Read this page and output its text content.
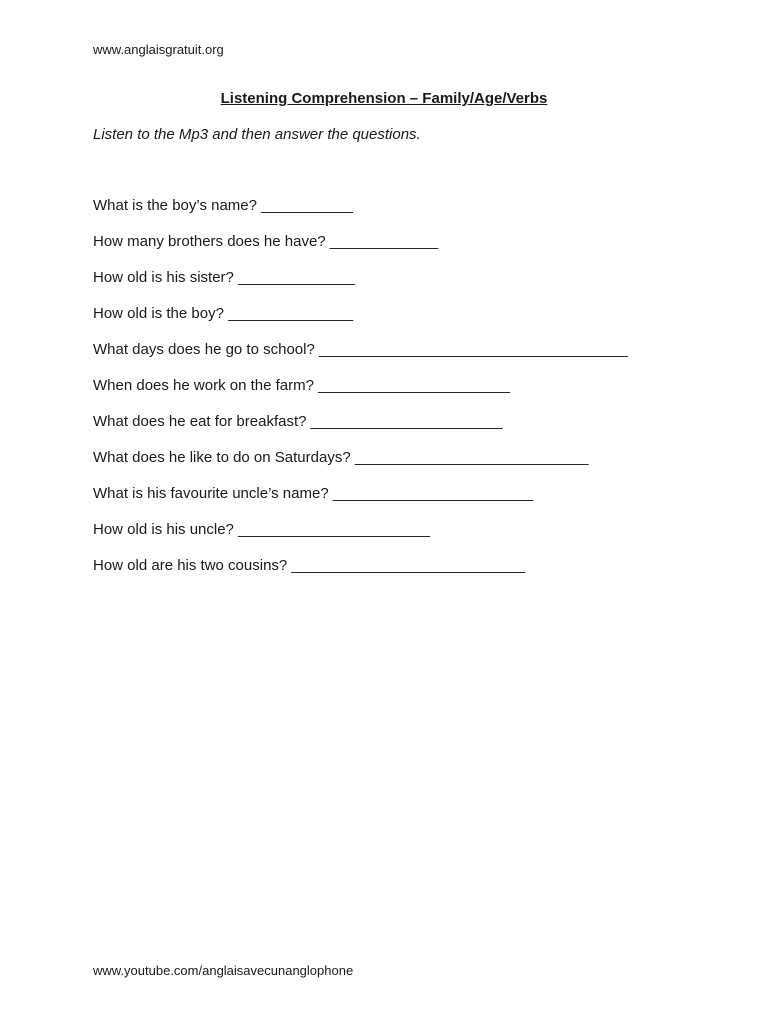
www.anglaisgratuit.org
Listening Comprehension – Family/Age/Verbs
Listen to the Mp3 and then answer the questions.
What is the boy’s name? ___________
How many brothers does he have? _____________
How old is his sister? ______________
How old is the boy? _______________
What days does he go to school? _____________________________________
When does he work on the farm? _______________________
What does he eat for breakfast? _______________________
What does he like to do on Saturdays? ____________________________
What is his favourite uncle’s name? ________________________
How old is his uncle? _______________________
How old are his two cousins? ____________________________
www.youtube.com/anglaisavecunanglophone
